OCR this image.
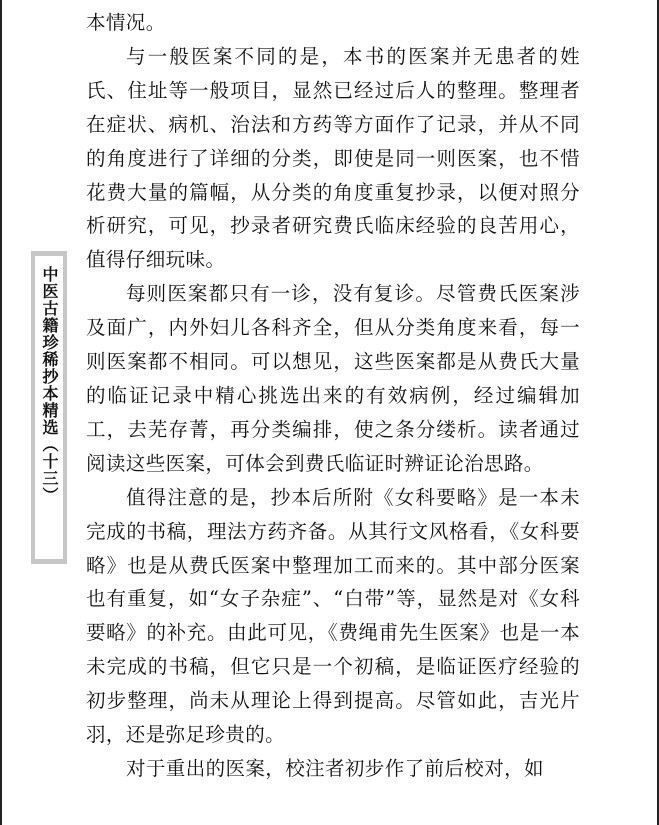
中医古籍珍稀抄本精选（十三）

本情况。

与一般医案不同的是，本书的医案并无患者的姓氏、住址等一般项目，显然已经过后人的整理。整理者在症状、病机、治法和方药等方面作了记录，并从不同的角度进行了详细的分类，即使是同一则医案，也不惜花费大量的篇幅，从分类的角度重复抄录，以便对照分析研究，可见，抄录者研究费氏临床经验的良苦用心，值得仔细玩味。

每则医案都只有一诊，没有复诊。尽管费氏医案涉及面广，内外妇儿各科齐全，但从分类角度来看，每一则医案都不相同。可以想见，这些医案都是从费氏大量的临证记录中精心挑选出来的有效病例，经过编辑加工，去芜存菁，再分类编排，使之条分缕析。读者通过阅读这些医案，可体会到费氏临证时辨证论治思路。

值得注意的是，抄本后所附《女科要略》是一本未完成的书稿，理法方药齐备。从其行文风格看，《女科要略》也是从费氏医案中整理加工而来的。其中部分医案也有重复，如“女子杂症”、“白带”等，显然是对《女科要略》的补充。由此可见，《费绳甫先生医案》也是一本未完成的书稿，但它只是一个初稿，是临证医疗经验的初步整理，尚未从理论上得到提高。尽管如此，吉光片羽，还是弥足珍贵的。

对于重出的医案，校注者初步作了前后校对，如
